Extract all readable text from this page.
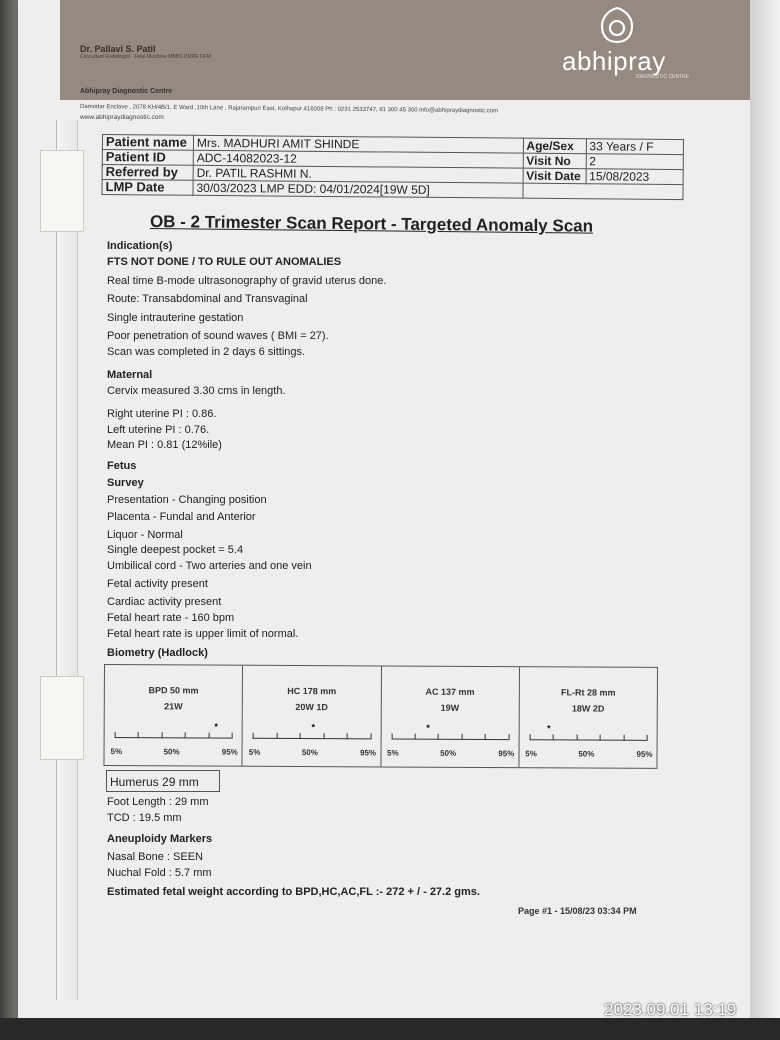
Dr. Pallavi S. Patil
Consultant Radiologist - Fetal Medicine MBBS DMRE DFM	abhipray
DIAGNOSTIC CENTRE
Abhipray Diagnostic Centre
Damodar Enclave , 2078 KH/4B/1, E Ward ,10th Lane , Rajarampuri East, Kolhapur 416008 Ph : 0231 2533747, 91 300 45 300 info@abhipraydiagnostic.com
www.abhipraydiagnostic.com
Patient name	Mrs. MADHURI AMIT SHINDE	Age/Sex	33 Years / F
Patient ID	ADC-14082023-12	Visit No	2
Referred by	Dr. PATIL RASHMI N.	Visit Date	15/08/2023
LMP Date	30/03/2023 LMP EDD: 04/01/2024[19W 5D]		
OB - 2 Trimester Scan Report - Targeted Anomaly Scan
Indication(s)
FTS NOT DONE / TO RULE OUT ANOMALIES
Real time B-mode ultrasonography of gravid uterus done.
Route: Transabdominal and Transvaginal
Single intrauterine gestation
Poor penetration of sound waves ( BMI = 27).
Scan was completed in 2 days 6 sittings.
Maternal
Cervix measured 3.30 cms in length.
Right uterine PI : 0.86.
Left uterine PI : 0.76.
Mean PI : 0.81 (12%ile)
Fetus
Survey
Presentation - Changing position
Placenta - Fundal and Anterior
Liquor - Normal
Single deepest pocket = 5.4
Umbilical cord - Two arteries and one vein
Fetal activity present
Cardiac activity present
Fetal heart rate - 160 bpm
Fetal heart rate is upper limit of normal.
Biometry (Hadlock)
BPD 50 mm
21W
*
5%	50%	95%
HC 178 mm
20W 1D
*
5%	50%	95%
AC 137 mm
19W
*
5%	50%	95%
FL-Rt 28 mm
18W 2D
*
5%	50%	95%
Humerus 29 mm
Foot Length : 29 mm
TCD : 19.5 mm
Aneuploidy Markers
Nasal Bone : SEEN
Nuchal Fold : 5.7 mm
Estimated fetal weight according to BPD,HC,AC,FL :- 272 + / - 27.2 gms.
Page #1 - 15/08/23 03:34 PM
2023.09.01 13:19
